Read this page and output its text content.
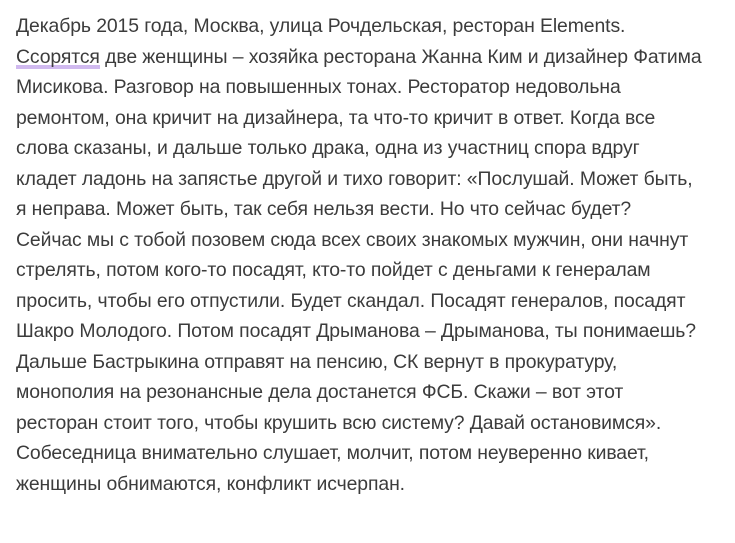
Декабрь 2015 года, Москва, улица Рочдельская, ресторан Elements.
Ссорятся две женщины – хозяйка ресторана Жанна Ким и дизайнер Фатима
Мисикова. Разговор на повышенных тонах. Ресторатор недовольна
ремонтом, она кричит на дизайнера, та что-то кричит в ответ. Когда все
слова сказаны, и дальше только драка, одна из участниц спора вдруг
кладет ладонь на запястье другой и тихо говорит: «Послушай. Может быть,
я неправа. Может быть, так себя нельзя вести. Но что сейчас будет?
Сейчас мы с тобой позовем сюда всех своих знакомых мужчин, они начнут
стрелять, потом кого-то посадят, кто-то пойдет с деньгами к генералам
просить, чтобы его отпустили. Будет скандал. Посадят генералов, посадят
Шакро Молодого. Потом посадят Дрыманова – Дрыманова, ты понимаешь?
Дальше Бастрыкина отправят на пенсию, СК вернут в прокуратуру,
монополия на резонансные дела достанется ФСБ. Скажи – вот этот
ресторан стоит того, чтобы крушить всю систему? Давай остановимся».
Собеседница внимательно слушает, молчит, потом неуверенно кивает,
женщины обнимаются, конфликт исчерпан.
